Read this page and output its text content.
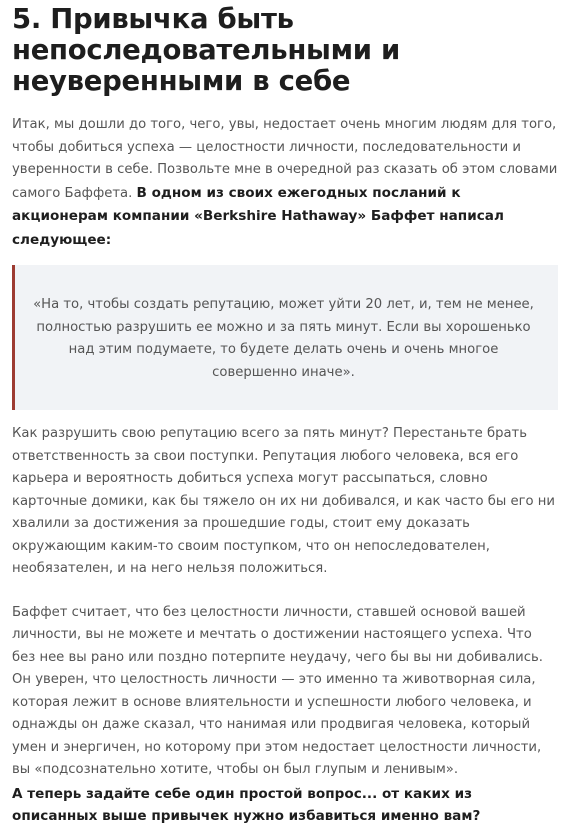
5. Привычка быть непоследовательными и неуверенными в себе

Итак, мы дошли до того, чего, увы, недостает очень многим людям для того, чтобы добиться успеха — целостности личности, последовательности и уверенности в себе. Позвольте мне в очередной раз сказать об этом словами самого Баффета. В одном из своих ежегодных посланий к акционерам компании «Berkshire Hathaway» Баффет написал следующее:

«На то, чтобы создать репутацию, может уйти 20 лет, и, тем не менее, полностью разрушить ее можно и за пять минут. Если вы хорошенько над этим подумаете, то будете делать очень и очень многое совершенно иначе».

Как разрушить свою репутацию всего за пять минут? Перестаньте брать ответственность за свои поступки. Репутация любого человека, вся его карьера и вероятность добиться успеха могут рассыпаться, словно карточные домики, как бы тяжело он их ни добивался, и как часто бы его ни хвалили за достижения за прошедшие годы, стоит ему доказать окружающим каким-то своим поступком, что он непоследователен, необязателен, и на него нельзя положиться.

Баффет считает, что без целостности личности, ставшей основой вашей личности, вы не можете и мечтать о достижении настоящего успеха. Что без нее вы рано или поздно потерпите неудачу, чего бы вы ни добивались. Он уверен, что целостность личности — это именно та животворная сила, которая лежит в основе влиятельности и успешности любого человека, и однажды он даже сказал, что нанимая или продвигая человека, который умен и энергичен, но которому при этом недостает целостности личности, вы «подсознательно хотите, чтобы он был глупым и ленивым».

А теперь задайте себе один простой вопрос... от каких из описанных выше привычек нужно избавиться именно вам?
